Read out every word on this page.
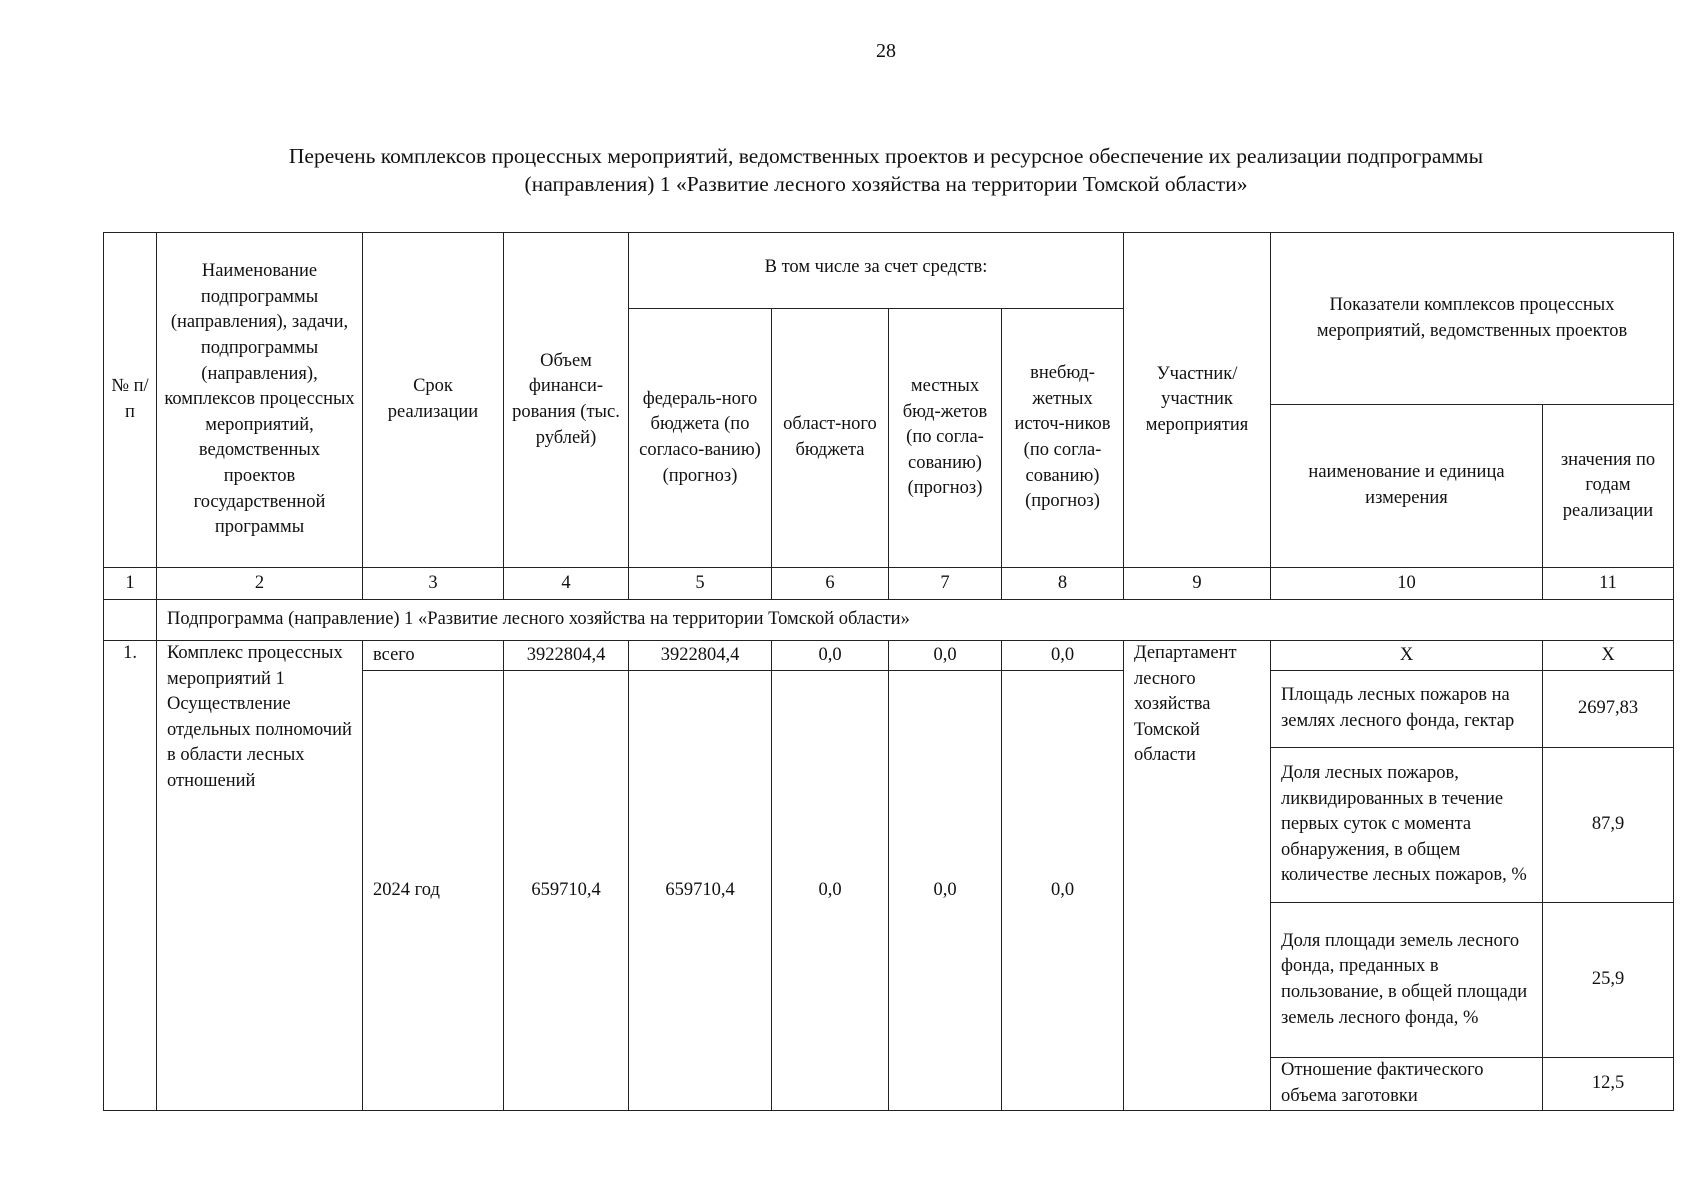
28
Перечень комплексов процессных мероприятий, ведомственных проектов и ресурсное обеспечение их реализации подпрограммы
(направления) 1 «Развитие лесного хозяйства на территории Томской области»
№ п/п	Наименование подпрограммы (направления), задачи, подпрограммы (направления), комплексов процессных мероприятий, ведомственных проектов государственной программы	Срок реализации	Объем финанси-рования (тыс. рублей)	В том числе за счет средств:				Участник/ участник мероприятия	Показатели комплексов процессных мероприятий, ведомственных проектов	
				федераль-ного бюджета (по согласо-ванию) (прогноз)	област-ного бюджета	местных бюд-жетов (по согла-сованию) (прогноз)	внебюд-жетных источ-ников (по согла-сованию) (прогноз)			
									наименование и единица измерения	значения по годам реализации
1	2	3	4	5	6	7	8	9	10	11
	Подпрограмма (направление) 1 «Развитие лесного хозяйства на территории Томской области»									
1.	Комплекс процессных мероприятий 1 Осуществление отдельных полномочий в области лесных отношений	всего	3922804,4	3922804,4	0,0	0,0	0,0	Департамент лесного хозяйства Томской области	Х	Х
		2024 год	659710,4	659710,4	0,0	0,0	0,0		Площадь лесных пожаров на землях лесного фонда, гектар	2697,83
									Доля лесных пожаров, ликвидированных в течение первых суток с момента обнаружения, в общем количестве лесных пожаров, %	87,9
									Доля площади земель лесного фонда, преданных в пользование, в общей площади земель лесного фонда, %	25,9
									Отношение фактического объема заготовки	12,5
